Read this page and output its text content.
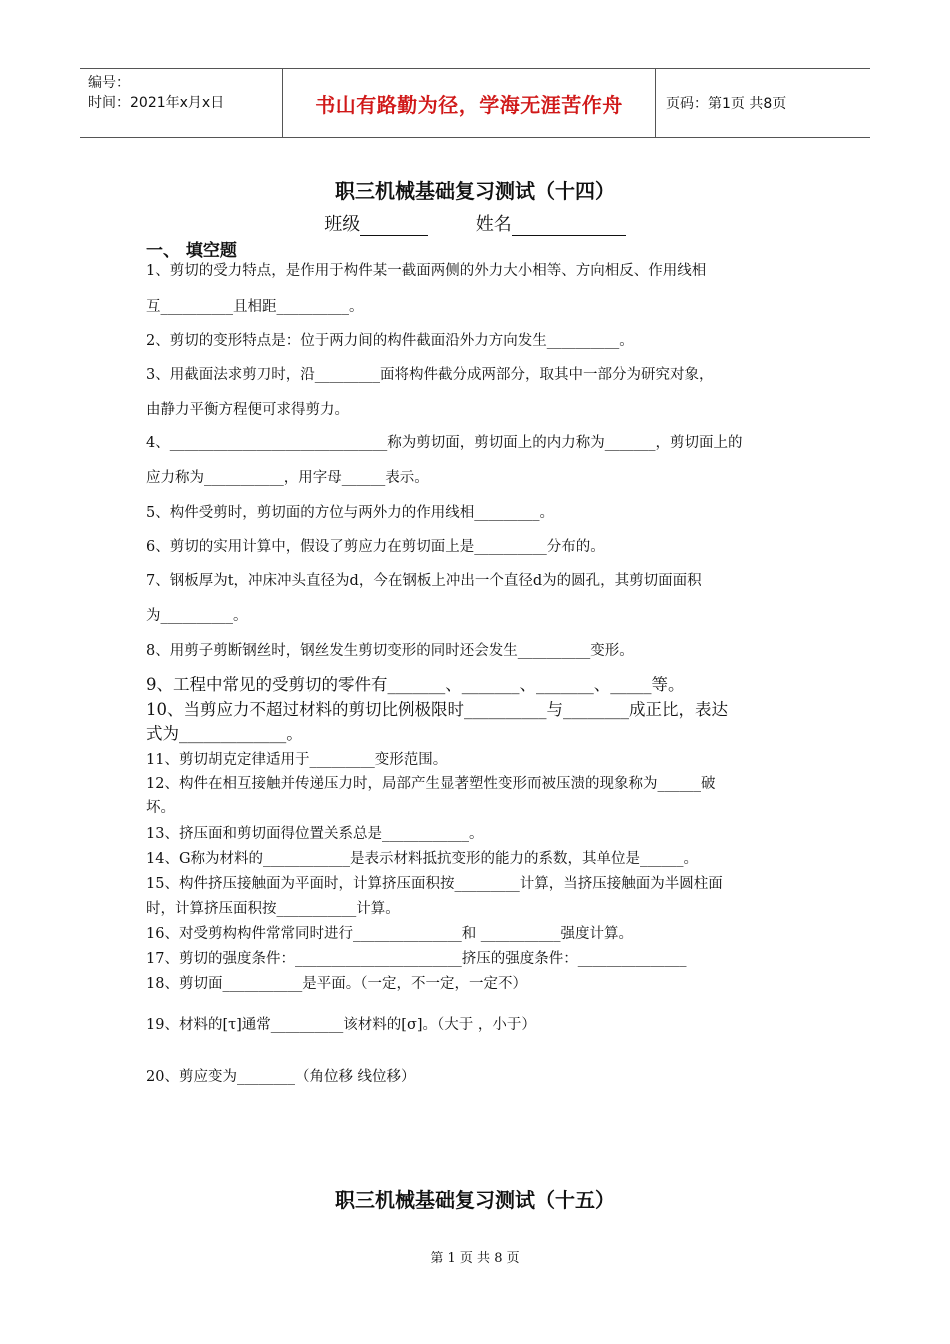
编号：
时间：2021年x月x日	书山有路勤为径，学海无涯苦作舟	页码：第1页 共8页
职三机械基础复习测试（十四）
班级	姓名
一、 填空题
1、剪切的受力特点，是作用于构件某一截面两侧的外力大小相等、方向相反、作用线相
互__________且相距__________。
2、剪切的变形特点是：位于两力间的构件截面沿外力方向发生__________。
3、用截面法求剪刀时，沿_________面将构件截分成两部分，取其中一部分为研究对象，
由静力平衡方程便可求得剪力。
4、______________________________称为剪切面，剪切面上的内力称为_______，剪切面上的
应力称为___________，用字母______表示。
5、构件受剪时，剪切面的方位与两外力的作用线相_________。
6、剪切的实用计算中，假设了剪应力在剪切面上是__________分布的。
7、钢板厚为t，冲床冲头直径为d，今在钢板上冲出一个直径d为的圆孔，其剪切面面积
为__________。
8、用剪子剪断钢丝时，钢丝发生剪切变形的同时还会发生__________变形。
9、工程中常见的受剪切的零件有_______、_______、_______、_____等。
10、当剪应力不超过材料的剪切比例极限时__________与________成正比，表达
式为_____________。
11、剪切胡克定律适用于_________变形范围。
12、构件在相互接触并传递压力时，局部产生显著塑性变形而被压溃的现象称为______破
坏。
13、挤压面和剪切面得位置关系总是____________。
14、G称为材料的____________是表示材料抵抗变形的能力的系数，其单位是______。
15、构件挤压接触面为平面时，计算挤压面积按_________计算，当挤压接触面为半圆柱面
时，计算挤压面积按___________计算。
16、对受剪构构件常常同时进行_______________和 ___________强度计算。
17、剪切的强度条件：_______________________挤压的强度条件：_______________
18、剪切面___________是平面。（一定，不一定，一定不）
19、材料的[τ]通常__________该材料的[σ]。（大于 ，小于）
20、剪应变为________（角位移 线位移）
职三机械基础复习测试（十五）
第 1 页 共 8 页
